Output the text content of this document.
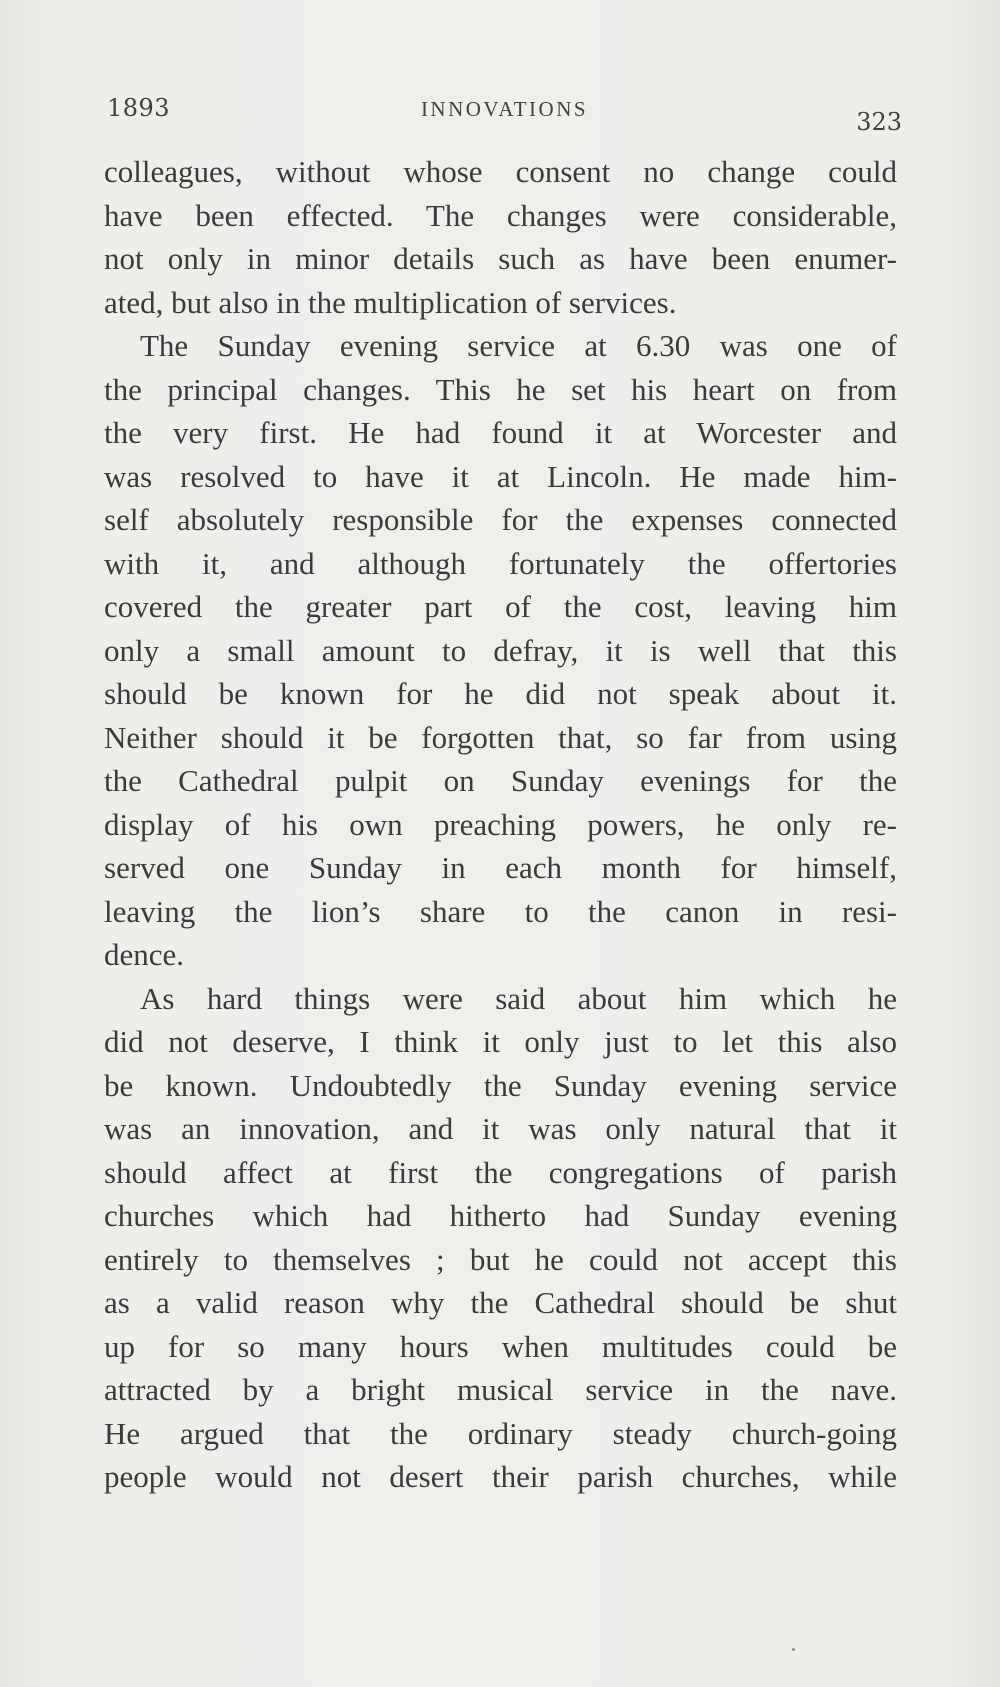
1893	INNOVATIONS	323
colleagues, without whose consent no change could
have been effected. The changes were considerable,
not only in minor details such as have been enumer-
ated, but also in the multiplication of services.
The Sunday evening service at 6.30 was one of
the principal changes. This he set his heart on from
the very first. He had found it at Worcester and
was resolved to have it at Lincoln. He made him-
self absolutely responsible for the expenses connected
with it, and although fortunately the offertories
covered the greater part of the cost, leaving him
only a small amount to defray, it is well that this
should be known for he did not speak about it.
Neither should it be forgotten that, so far from using
the Cathedral pulpit on Sunday evenings for the
display of his own preaching powers, he only re-
served one Sunday in each month for himself,
leaving the lion’s share to the canon in resi-
dence.
As hard things were said about him which he
did not deserve, I think it only just to let this also
be known. Undoubtedly the Sunday evening service
was an innovation, and it was only natural that it
should affect at first the congregations of parish
churches which had hitherto had Sunday evening
entirely to themselves ; but he could not accept this
as a valid reason why the Cathedral should be shut
up for so many hours when multitudes could be
attracted by a bright musical service in the nave.
He argued that the ordinary steady church-going
people would not desert their parish churches, while
